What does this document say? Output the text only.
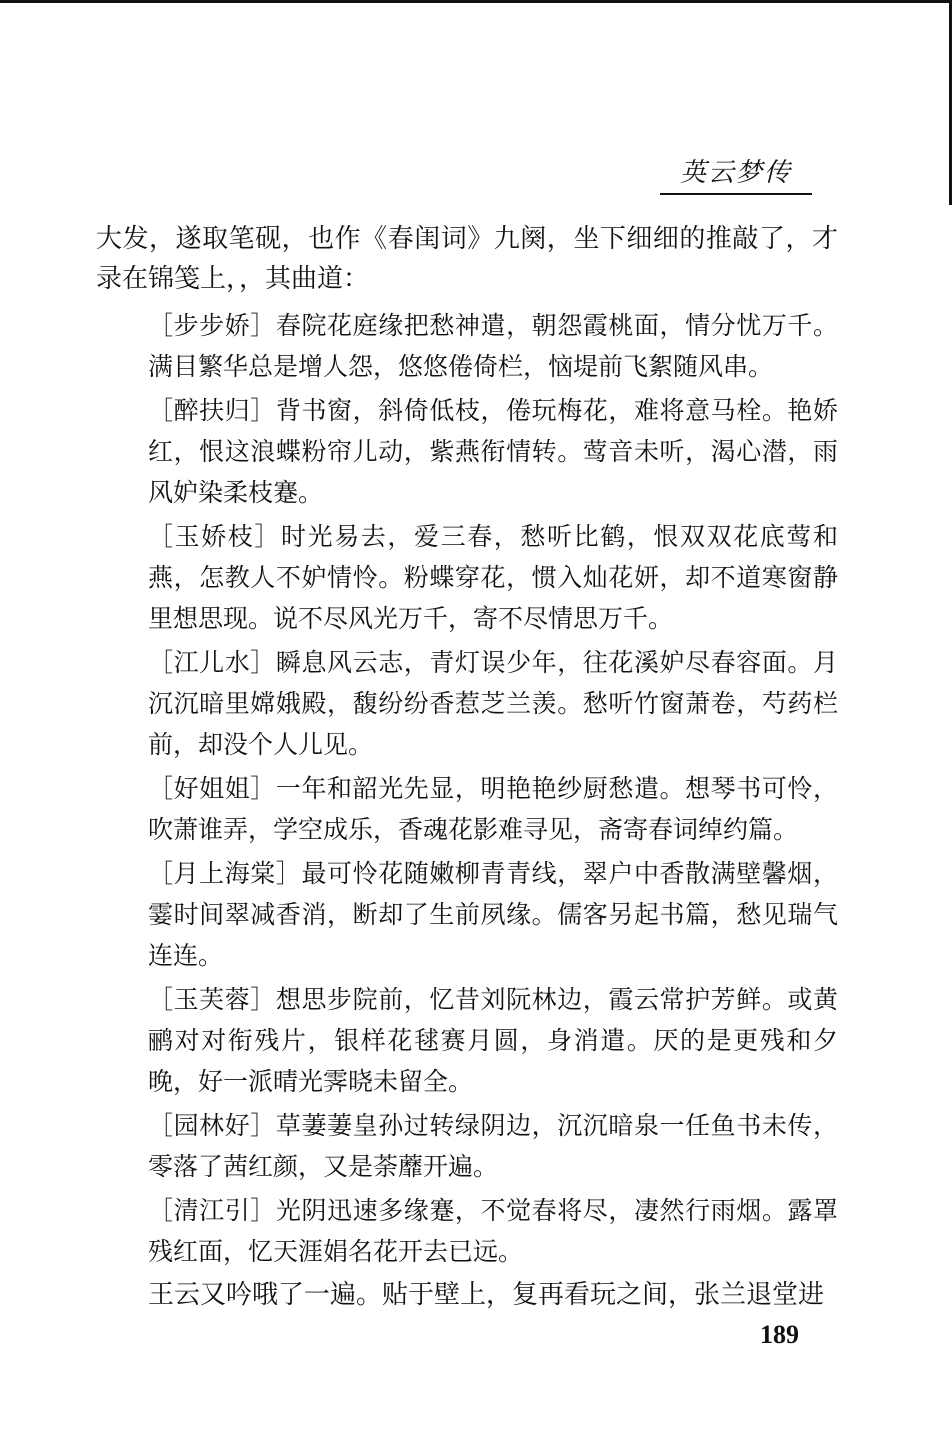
英云梦传

大发，遂取笔砚，也作《春闺词》九阕，坐下细细的推敲了，才录在锦笺上，，其曲道：

［步步娇］春院花庭缘把愁神遣，朝怨霞桃面，情分忧万千。满目繁华总是增人怨，悠悠倦倚栏，恼堤前飞絮随风串。

［醉扶归］背书窗，斜倚低枝，倦玩梅花，难将意马栓。艳娇红，恨这浪蝶粉帘儿动，紫燕衔情转。莺音未听，渴心潜，雨风妒染柔枝蹇。

［玉娇枝］时光易去，爱三春，愁听比鹤，恨双双花底莺和燕，怎教人不妒情怜。粉蝶穿花，惯入灿花妍，却不道寒窗静里想思现。说不尽风光万千，寄不尽情思万千。

［江儿水］瞬息风云志，青灯误少年，往花溪妒尽春容面。月沉沉暗里嫦娥殿，馥纷纷香惹芝兰羡。愁听竹窗萧卷，芍药栏前，却没个人儿见。

［好姐姐］一年和韶光先显，明艳艳纱厨愁遣。想琴书可怜，吹萧谁弄，学空成乐，香魂花影难寻见，斋寄春词绰约篇。

［月上海棠］最可怜花随嫩柳青青线，翠户中香散满壁馨烟，霎时间翠减香消，断却了生前夙缘。儒客另起书篇，愁见瑞气连连。

［玉芙蓉］想思步院前，忆昔刘阮林边，霞云常护芳鲜。或黄鹂对对衔残片，银样花毬赛月圆，身消遣。厌的是更残和夕晚，好一派晴光霁晓未留全。

［园林好］草萋萋皇孙过转绿阴边，沉沉暗泉一任鱼书未传，零落了茜红颜，又是荼蘼开遍。

［清江引］光阴迅速多缘蹇，不觉春将尽，凄然行雨烟。露罩残红面，忆天涯娟名花开去已远。

王云又吟哦了一遍。贴于壁上，复再看玩之间，张兰退堂进

189
